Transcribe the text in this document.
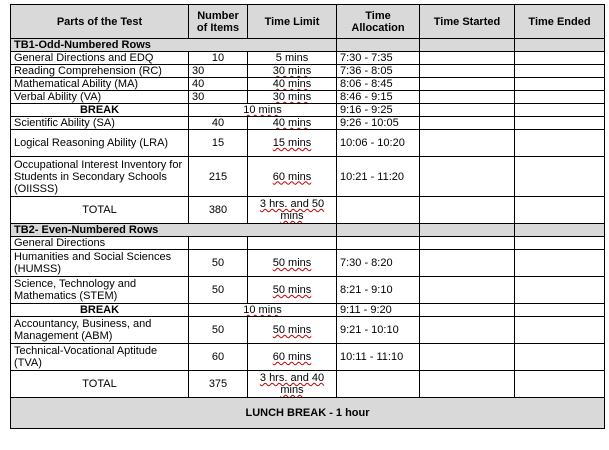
Parts of the Test	Number of Items	Time Limit	Time Allocation	Time Started	Time Ended
TB1-Odd-Numbered Rows					
General Directions and EDQ	10	5 mins	7:30 - 7:35		
Reading Comprehension (RC)	30	30 mins	7:36 - 8:05		
Mathematical Ability (MA)	40	40 mins	8:06 - 8:45		
Verbal Ability (VA)	30	30 mins	8:46 - 9:15		
BREAK	10 mins		9:16 - 9:25		
Scientific Ability (SA)	40	40 mins	9:26 - 10:05		
Logical Reasoning Ability (LRA)	15	15 mins	10:06 - 10:20		
Occupational Interest Inventory for Students in Secondary Schools (OIISSS)	215	60 mins	10:21 - 11:20		
TOTAL	380	3 hrs. and 50 mins			
TB2- Even-Numbered Rows					
General Directions					
Humanities and Social Sciences (HUMSS)	50	50 mins	7:30 - 8:20		
Science, Technology and Mathematics (STEM)	50	50 mins	8:21 - 9:10		
BREAK	10 mins		9:11 - 9:20		
Accountancy, Business, and Management (ABM)	50	50 mins	9:21 - 10:10		
Technical-Vocational Aptitude (TVA)	60	60 mins	10:11 - 11:10		
TOTAL	375	3 hrs. and 40 mins			
LUNCH BREAK - 1 hour					
